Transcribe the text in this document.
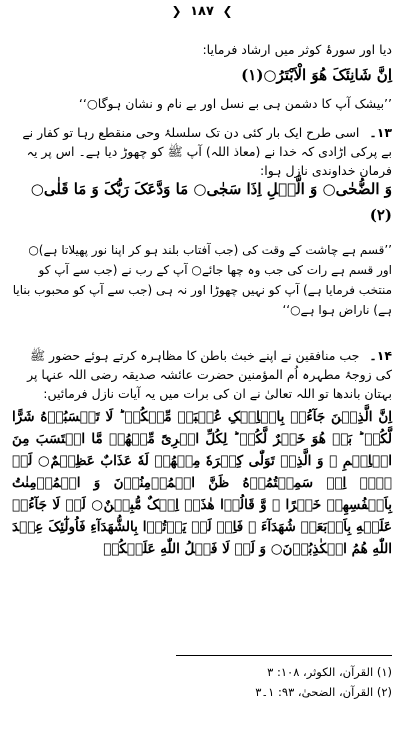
❯ ۱۸۷ ❮
دیا اور سورۂ کوثر میں ارشاد فرمایا:
اِنَّ شَانِئَکَ هُوَ الْاَبْتَرُ○(۱)
’’بیشک آپ کا دشمن ہی بے نسل اور بے نام و نشان ہوگا○‘‘
۱۳۔اسی طرح ایک بار کئی دن تک سلسلۂ وحی منقطع رہا تو کفار نے بے پرکی اڑادی کہ خدا نے (معاذ اللہ) آپ ﷺ کو چھوڑ دیا ہے۔ اس پر یہ فرمان خداوندی نازل ہوا:
وَ الضُّحٰی○ وَ الَّیۡلِ اِذَا سَجٰی○ مَا وَدَّعَکَ رَبُّکَ وَ مَا قَلٰی○ (۲)
’’قسم ہے چاشت کے وقت کی (جب آفتاب بلند ہو کر اپنا نور پھیلاتا ہے)○ اور قسم ہے رات کی جب وہ چھا جائے○ آپ کے رب نے (جب سے آپ کو منتخب فرمایا ہے) آپ کو نہیں چھوڑا اور نہ ہی (جب سے آپ کو محبوب بنایا ہے) ناراض ہوا ہے○‘‘
۱۴۔جب منافقین نے اپنے خبث باطن کا مظاہرہ کرتے ہوئے حضور ﷺ کی زوجۂ مطہرہ اُم المؤمنین حضرت عائشہ صدیقہ رضی اللہ عنہا پر بہتان باندھا تو اللہ تعالیٰ نے ان کی برات میں یہ آیات نازل فرمائیں:
اِنَّ الَّذِیۡنَ جَآءُوۡ بِالۡاِفۡکِ عُصۡبَۃٌ مِّنۡکُمۡ ؕ لَا تَحۡسَبُوۡهُ شَرًّا لَّکُمۡ ؕ بَلۡ هُوَ خَیۡرٌ لَّکُمۡ ؕ لِکُلِّ امۡرِیًٔ مِّنۡهُمۡ مَّا اکۡتَسَبَ مِنَ الۡاِثۡمِ ۚ وَ الَّذِیۡ تَوَلّٰی کِبۡرَهٗ مِنۡهُمۡ لَهٗ عَذَابٌ عَظِیۡمٌ○ لَوۡ لَاۤ اِذۡ سَمِعۡتُمُوۡهُ ظَنَّ الۡمُؤۡمِنُوۡنَ وَ الۡمُؤۡمِنٰتُ بِاَنۡفُسِهِمۡ خَیۡرًا ۙ وَّ قَالُوۡا هٰذَاۤ اِفۡکٌ مُّبِیۡنٌ○ لَوۡ لَا جَآءُوۡ عَلَیۡهِ بِاَرۡبَعَۃِ شُهَدَآءَ ۚ فَاِذۡ لَمۡ یَاۡتُوۡا بِالشُّهَدَآءِ فَاُولٰٓئِکَ عِنۡدَ اللّٰهِ هُمُ الۡکٰذِبُوۡنَ○ وَ لَوۡ لَا فَضۡلُ اللّٰهِ عَلَیۡکُمۡ
(۱) القرآن، الکوثر، ۱۰۸: ۳
(۲) القرآن، الضحیٰ، ۹۳: ۱۔۳
